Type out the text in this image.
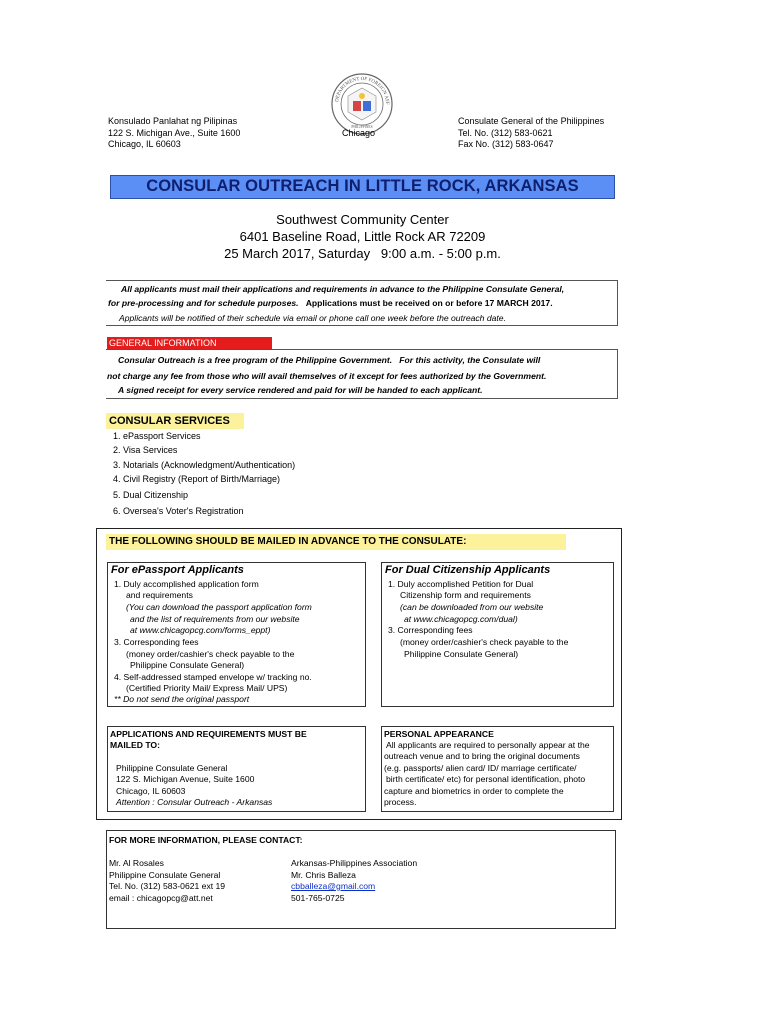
DEPARTMENT OF FOREIGN AFF
PHILIPPINES
Konsulado Panlahat ng Pilipinas
122 S. Michigan Ave., Suite 1600
Chicago, IL 60603
Chicago
Consulate General of the Philippines
Tel. No. (312) 583-0621
Fax No. (312) 583-0647
CONSULAR OUTREACH IN LITTLE ROCK, ARKANSAS
Southwest Community Center
6401 Baseline Road, Little Rock AR 72209
25 March 2017, Saturday   9:00 a.m. - 5:00 p.m.
All applicants must mail their applications and requirements in advance to the Philippine Consulate General,
for pre-processing and for schedule purposes. Applications must be received on or before 17 MARCH 2017.
Applicants will be notified of their schedule via email or phone call one week before the outreach date.
GENERAL INFORMATION
Consular Outreach is a free program of the Philippine Government.   For this activity, the Consulate will
not charge any fee from those who will avail themselves of it except for fees authorized by the Government.
A signed receipt for every service rendered and paid for will be handed to each applicant.
CONSULAR SERVICES
1. ePassport Services
2. Visa Services
3. Notarials (Acknowledgment/Authentication)
4. Civil Registry (Report of Birth/Marriage)
5. Dual Citizenship
6. Oversea's Voter's Registration
THE FOLLOWING SHOULD BE MAILED IN ADVANCE TO THE CONSULATE:
For ePassport Applicants
1. Duly accomplished application form
and requirements
(You can download the passport application form
and the list of requirements from our website
at www.chicagopcg.com/forms_eppt)
3. Corresponding fees
(money order/cashier's check payable to the
Philippine Consulate General)
4. Self-addressed stamped envelope w/ tracking no.
(Certified Priority Mail/ Express Mail/ UPS)
** Do not send the original passport
For Dual Citizenship Applicants
1. Duly accomplished Petition for Dual
Citizenship form and requirements
(can be downloaded from our website
at www.chicagopcg.com/dual)
3. Corresponding fees
(money order/cashier's check payable to the
Philippine Consulate General)
APPLICATIONS AND REQUIREMENTS MUST BE
MAILED TO:
Philippine Consulate General
122 S. Michigan Avenue, Suite 1600
Chicago, IL 60603
Attention : Consular Outreach - Arkansas
PERSONAL APPEARANCE
All applicants are required to personally appear at the
outreach venue and to bring the original documents
(e.g. passports/ alien card/ ID/ marriage certificate/
birth certificate/ etc) for personal identification, photo
capture and biometrics in order to complete the
process.
FOR MORE INFORMATION, PLEASE CONTACT:
Mr. Al Rosales
Philippine Consulate General
Tel. No. (312) 583-0621 ext 19
email : chicagopcg@att.net
Arkansas-Philippines Association
Mr. Chris Balleza
cbballeza@gmail.com
501-765-0725
